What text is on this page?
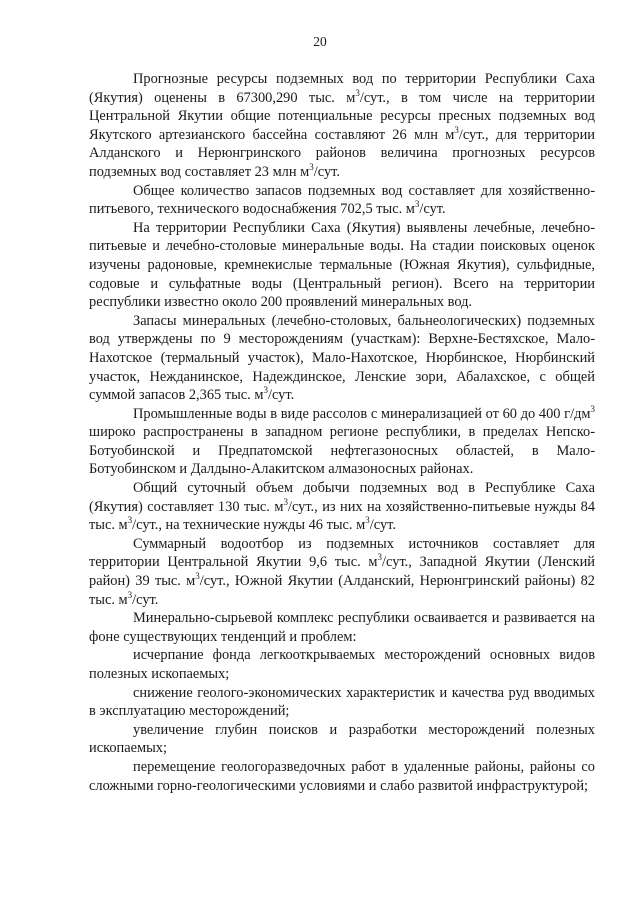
20

Прогнозные ресурсы подземных вод по территории Республики Саха (Якутия) оценены в 67300,290 тыс. $м^3$/сут., в том числе на территории Центральной Якутии общие потенциальные ресурсы пресных подземных вод Якутского артезианского бассейна составляют 26 млн $м^3$/сут., для территории Алданского и Нерюнгринского районов величина прогнозных ресурсов подземных вод составляет 23 млн $м^3$/сут.

Общее количество запасов подземных вод составляет для хозяйственно-питьевого, технического водоснабжения 702,5 тыс. $м^3$/сут.

На территории Республики Саха (Якутия) выявлены лечебные, лечебно-питьевые и лечебно-столовые минеральные воды. На стадии поисковых оценок изучены радоновые, кремнекислые термальные (Южная Якутия), сульфидные, содовые и сульфатные воды (Центральный регион). Всего на территории республики известно около 200 проявлений минеральных вод.

Запасы минеральных (лечебно-столовых, бальнеологических) подземных вод утверждены по 9 месторождениям (участкам): Верхне-Бестяхское, Мало-Нахотское (термальный участок), Мало-Нахотское, Нюрбинское, Нюрбинский участок, Нежданинское, Надеждинское, Ленские зори, Абалахское, с общей суммой запасов 2,365 тыс. $м^3$/сут.

Промышленные воды в виде рассолов с минерализацией от 60 до 400 $г/дм^3$ широко распространены в западном регионе республики, в пределах Непско-Ботуобинской и Предпатомской нефтегазоносных областей, в Мало-Ботуобинском и Далдыно-Алакитском алмазоносных районах.

Общий суточный объем добычи подземных вод в Республике Саха (Якутия) составляет 130 тыс. $м^3$/сут., из них на хозяйственно-питьевые нужды 84 тыс. $м^3$/сут., на технические нужды 46 тыс. $м^3$/сут.

Суммарный водоотбор из подземных источников составляет для территории Центральной Якутии 9,6 тыс. $м^3$/сут., Западной Якутии (Ленский район) 39 тыс. $м^3$/сут., Южной Якутии (Алданский, Нерюнгринский районы) 82 тыс. $м^3$/сут.

Минерально-сырьевой комплекс республики осваивается и развивается на фоне существующих тенденций и проблем:

исчерпание фонда легкооткрываемых месторождений основных видов полезных ископаемых;

снижение геолого-экономических характеристик и качества руд вводимых в эксплуатацию месторождений;

увеличение глубин поисков и разработки месторождений полезных ископаемых;

перемещение геологоразведочных работ в удаленные районы, районы со сложными горно-геологическими условиями и слабо развитой инфраструктурой;
